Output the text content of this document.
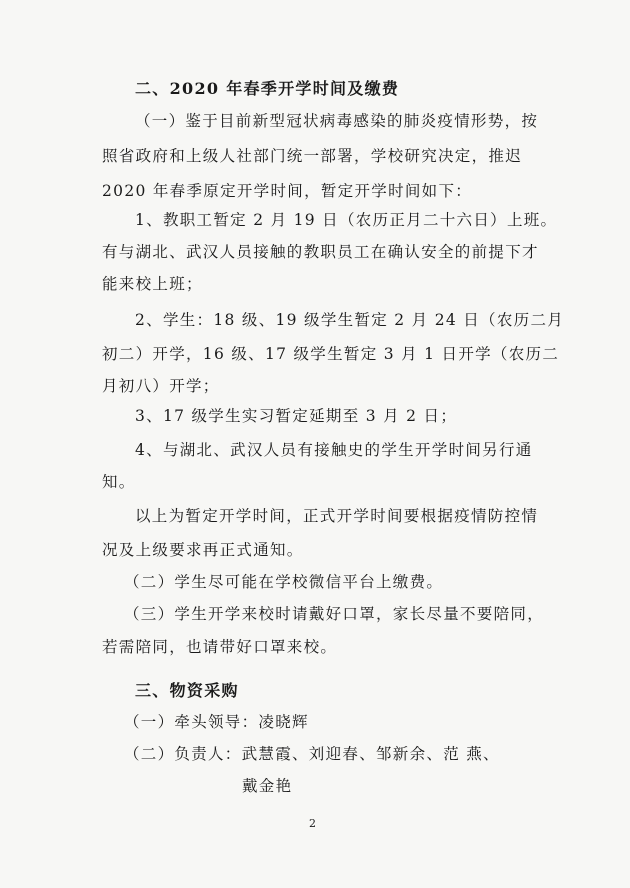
二、2020 年春季开学时间及缴费
（一）鉴于目前新型冠状病毒感染的肺炎疫情形势，按
照省政府和上级人社部门统一部署，学校研究决定，推迟
2020 年春季原定开学时间，暂定开学时间如下：
1、教职工暂定 2 月 19 日（农历正月二十六日）上班。
有与湖北、武汉人员接触的教职员工在确认安全的前提下才
能来校上班；
2、学生：18 级、19 级学生暂定 2 月 24 日（农历二月
初二）开学，16 级、17 级学生暂定 3 月 1 日开学（农历二
月初八）开学；
3、17 级学生实习暂定延期至 3 月 2 日；
4、与湖北、武汉人员有接触史的学生开学时间另行通
知。
以上为暂定开学时间，正式开学时间要根据疫情防控情
况及上级要求再正式通知。
（二）学生尽可能在学校微信平台上缴费。
（三）学生开学来校时请戴好口罩，家长尽量不要陪同，
若需陪同，也请带好口罩来校。
三、物资采购
（一）牵头领导：凌晓辉
（二）负责人：武慧霞、刘迎春、邹新余、范 燕、
戴金艳
2
